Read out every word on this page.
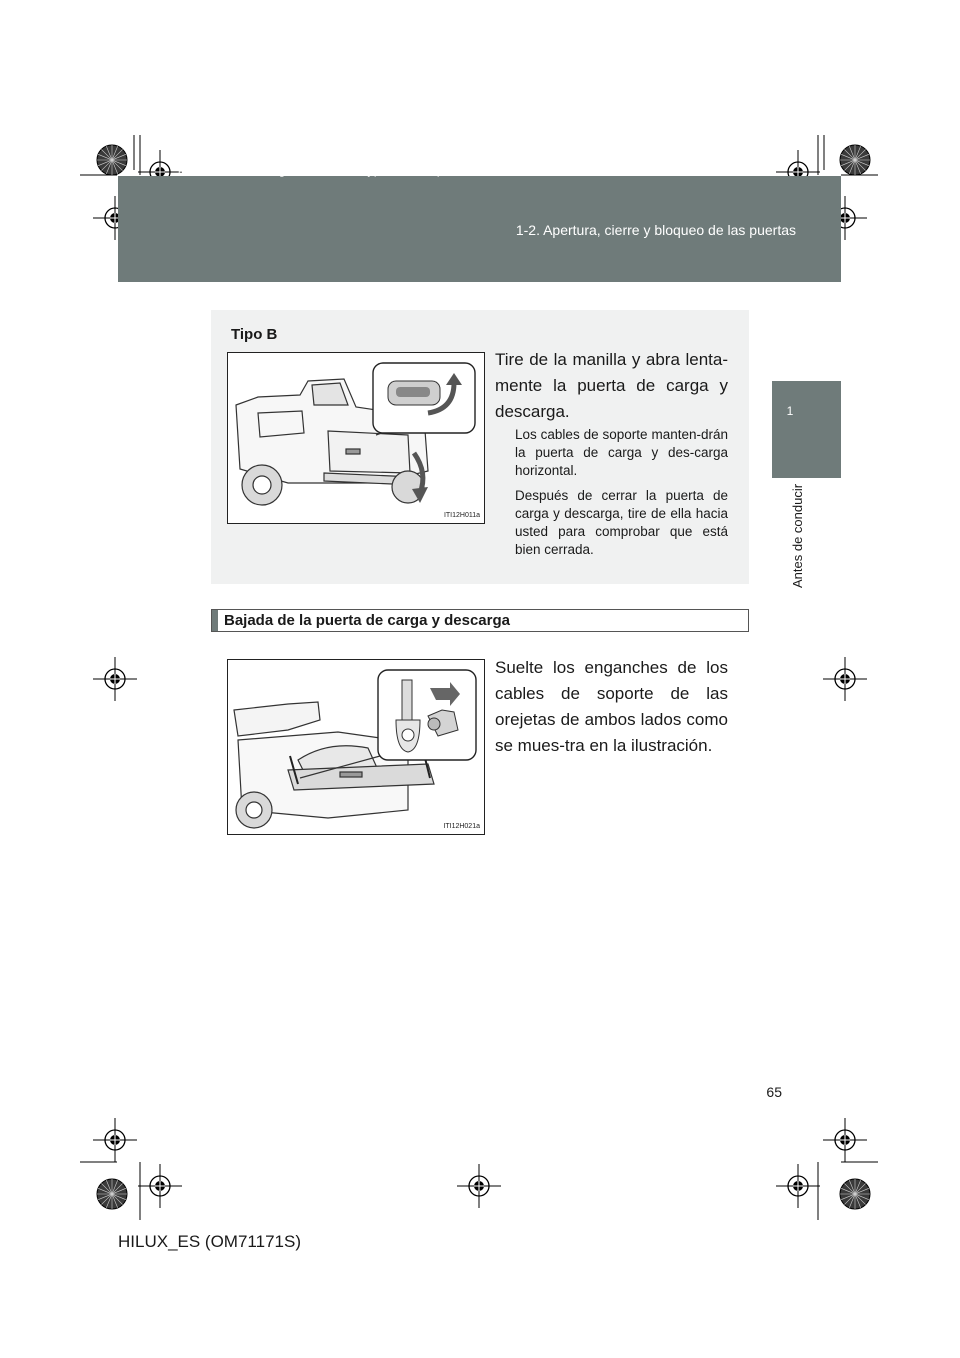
HILUX_ES.book Page 65 Wednesday, March 23, 2011 4:15 PM
1-2. Apertura, cierre y bloqueo de las puertas
1
Antes de conducir
Tipo B
ITI12H011a
Tire de la manilla y abra lenta-mente la puerta de carga y descarga.
Los cables de soporte manten-drán la puerta de carga y des-carga horizontal.
Después de cerrar la puerta de carga y descarga, tire de ella hacia usted para comprobar que está bien cerrada.
Bajada de la puerta de carga y descarga
ITI12H021a
Suelte los enganches de los cables de soporte de las orejetas de ambos lados como se mues-tra en la ilustración.
65
HILUX_ES (OM71171S)
